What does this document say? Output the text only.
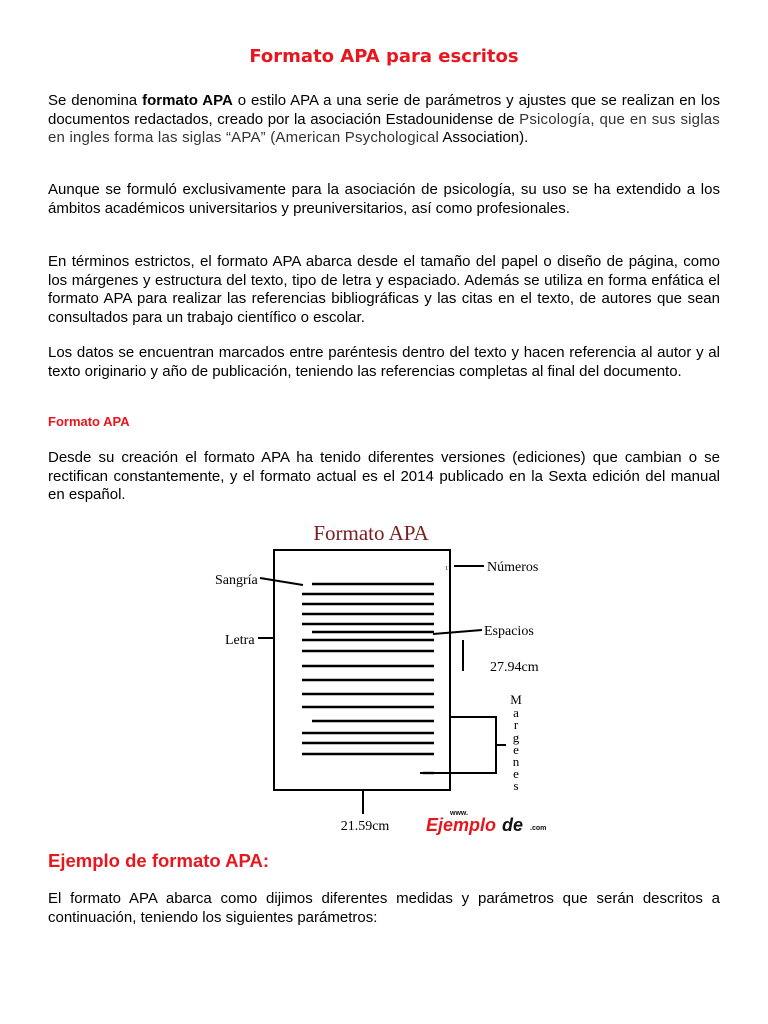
Formato APA para escritos

Se denomina formato APA o estilo APA a una serie de parámetros y ajustes que se realizan en los documentos redactados, creado por la asociación Estadounidense de Psicología, que en sus siglas en ingles forma las siglas “APA” (American Psychological Association).

Aunque se formuló exclusivamente para la asociación de psicología, su uso se ha extendido a los ámbitos académicos universitarios y preuniversitarios, así como profesionales.

En términos estrictos, el formato APA abarca desde el tamaño del papel o diseño de página, como los márgenes y estructura del texto, tipo de letra y espaciado. Además se utiliza en forma enfática el formato APA para realizar las referencias bibliográficas y las citas en el texto, de autores que sean consultados para un trabajo científico o escolar.

Los datos se encuentran marcados entre paréntesis dentro del texto y hacen referencia al autor y al texto originario y año de publicación, teniendo las referencias completas al final del documento.

Formato APA

Desde su creación el formato APA ha tenido diferentes versiones (ediciones) que cambian o se rectifican constantemente, y el formato actual es el 2014 publicado en la Sexta edición del manual en español.

Formato APA
11	Números
Sangría
Espacios
Letra
27.94cm
M
a
r
g
e
n
e
s
21.59cm
www.
Ejemplo de .com
Ejemplo de formato APA:

El formato APA abarca como dijimos diferentes medidas y parámetros que serán descritos a continuación, teniendo los siguientes parámetros:
